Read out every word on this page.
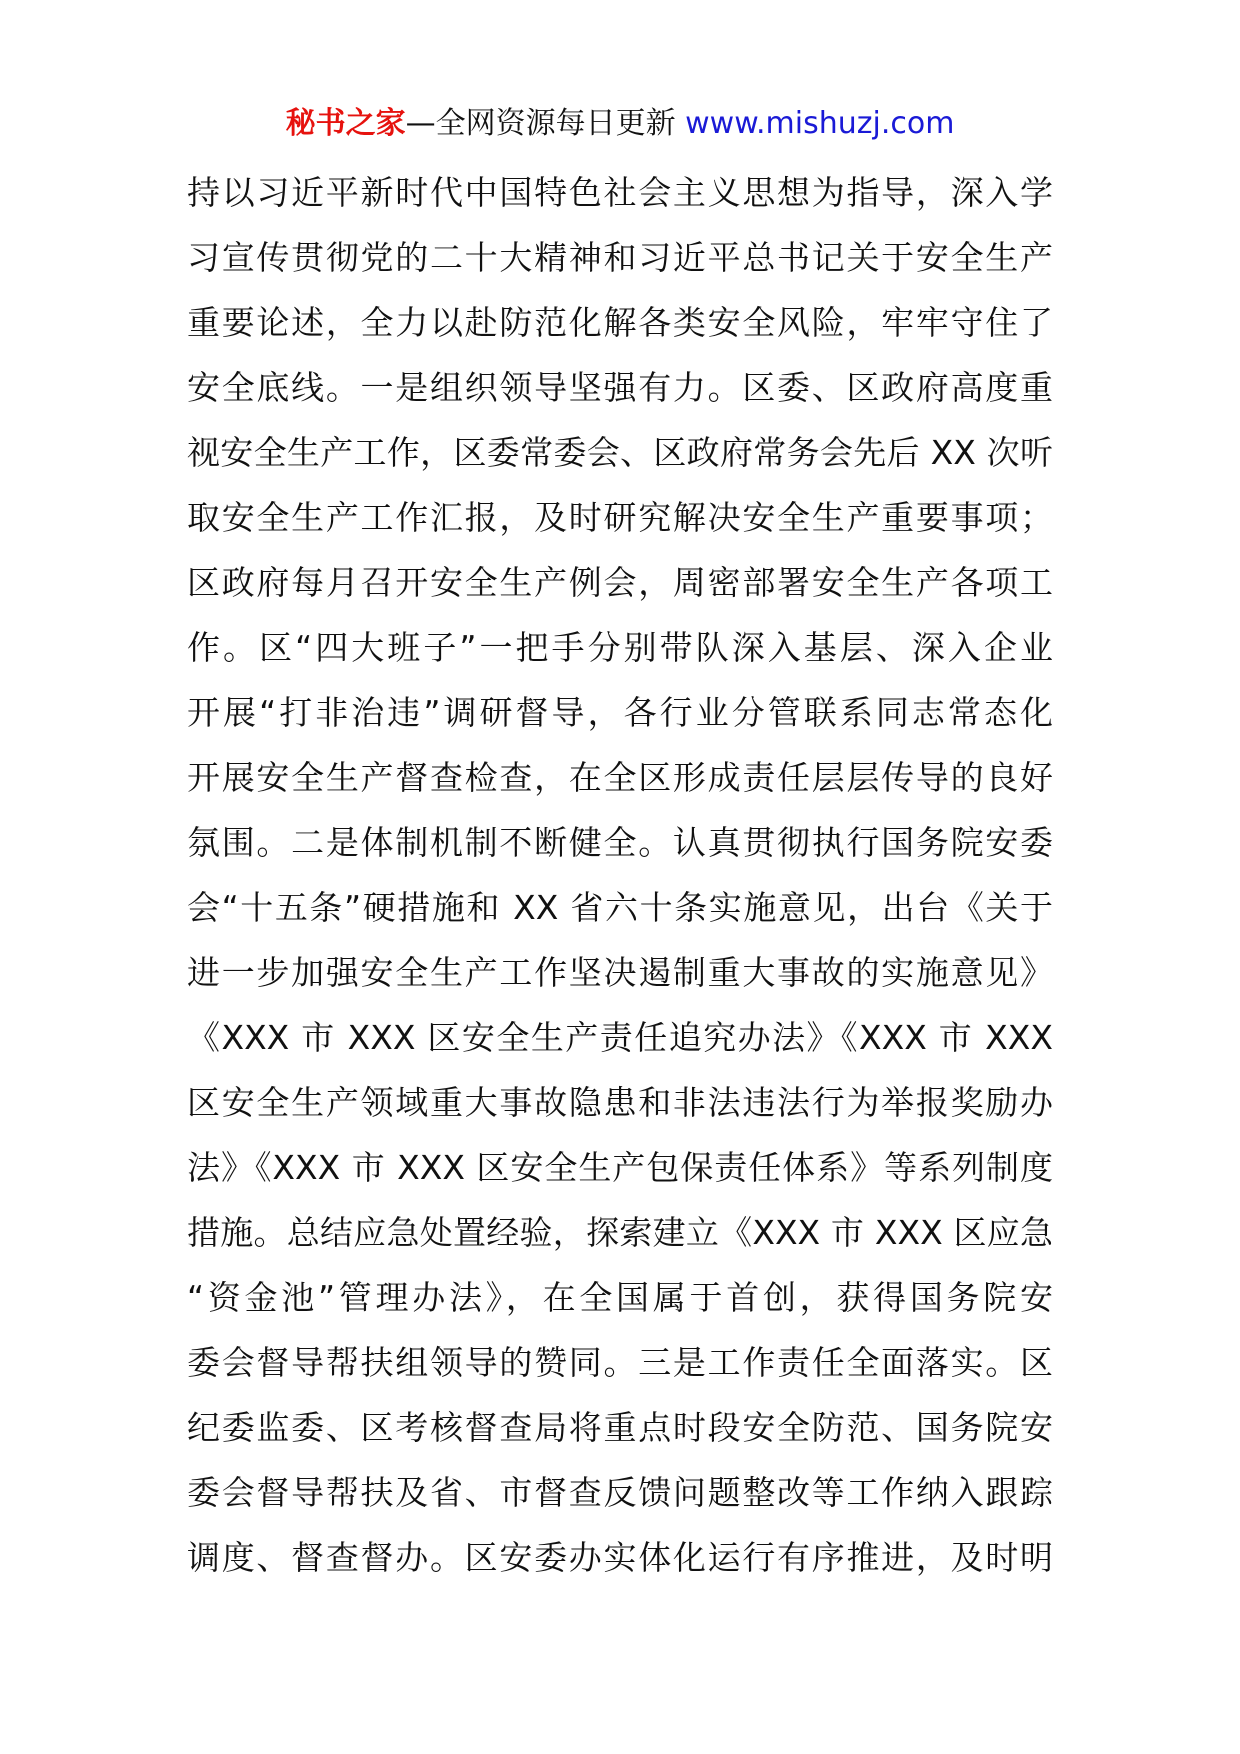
秘书之家—全网资源每日更新 www.mishuzj.com
持以习近平新时代中国特色社会主义思想为指导，深入学
习宣传贯彻党的二十大精神和习近平总书记关于安全生产
重要论述，全力以赴防范化解各类安全风险，牢牢守住了
安全底线。一是组织领导坚强有力。区委、区政府高度重
视安全生产工作，区委常委会、区政府常务会先后 XX 次听
取安全生产工作汇报，及时研究解决安全生产重要事项；
区政府每月召开安全生产例会，周密部署安全生产各项工
作。区“四大班子”一把手分别带队深入基层、深入企业
开展“打非治违”调研督导，各行业分管联系同志常态化
开展安全生产督查检查，在全区形成责任层层传导的良好
氛围。二是体制机制不断健全。认真贯彻执行国务院安委
会“十五条”硬措施和 XX 省六十条实施意见，出台《关于
进一步加强安全生产工作坚决遏制重大事故的实施意见》
《XXX 市 XXX 区安全生产责任追究办法》《XXX 市 XXX
区安全生产领域重大事故隐患和非法违法行为举报奖励办
法》《XXX 市 XXX 区安全生产包保责任体系》等系列制度
措施。总结应急处置经验，探索建立《XXX 市 XXX 区应急
“资金池”管理办法》，在全国属于首创，获得国务院安
委会督导帮扶组领导的赞同。三是工作责任全面落实。区
纪委监委、区考核督查局将重点时段安全防范、国务院安
委会督导帮扶及省、市督查反馈问题整改等工作纳入跟踪
调度、督查督办。区安委办实体化运行有序推进，及时明
